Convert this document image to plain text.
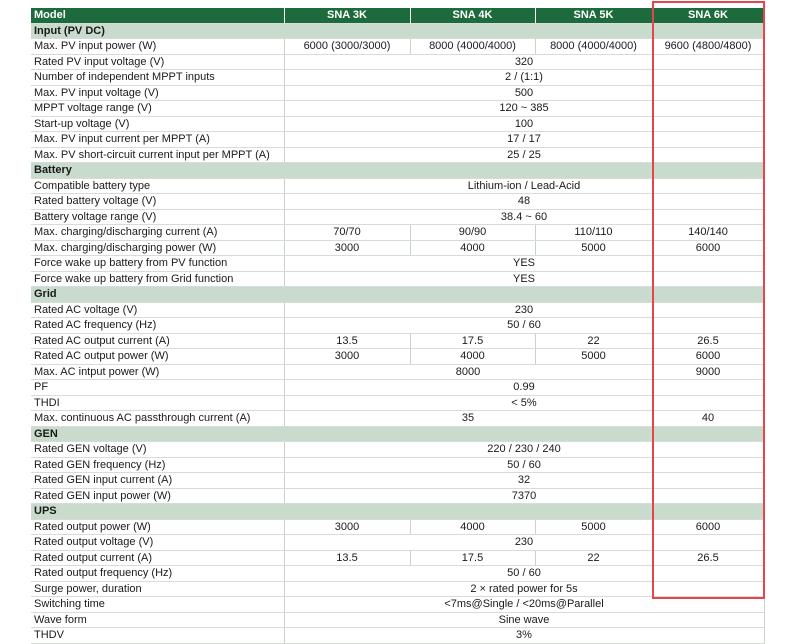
Model	SNA 3K	SNA 4K	SNA 5K	SNA 6K
Input (PV DC)				
Max. PV input power (W)	6000 (3000/3000)	8000 (4000/4000)	8000 (4000/4000)	9600 (4800/4800)
Rated PV input voltage (V)	320			
Number of independent MPPT inputs	2 / (1:1)			
Max. PV input voltage (V)	500			
MPPT voltage range (V)	120 ~ 385			
Start-up voltage (V)	100			
Max. PV input current per MPPT (A)	17 / 17			
Max. PV short-circuit current input per MPPT (A)	25 / 25			
Battery				
Compatible battery type	Lithium-ion / Lead-Acid			
Rated battery voltage (V)	48			
Battery voltage range (V)	38.4 ~ 60			
Max. charging/discharging current (A)	70/70	90/90	110/110	140/140
Max. charging/discharging power (W)	3000	4000	5000	6000
Force wake up battery from PV function	YES			
Force wake up battery from Grid function	YES			
Grid				
Rated AC voltage (V)	230			
Rated AC frequency (Hz)	50 / 60			
Rated AC output current (A)	13.5	17.5	22	26.5
Rated AC output power (W)	3000	4000	5000	6000
Max. AC intput power (W)	8000			9000
PF	0.99			
THDI	< 5%			
Max. continuous AC passthrough current (A)	35			40
GEN				
Rated GEN voltage (V)	220 / 230 / 240			
Rated GEN frequency (Hz)	50 / 60			
Rated GEN input current (A)	32			
Rated GEN input power (W)	7370			
UPS				
Rated output power (W)	3000	4000	5000	6000
Rated output voltage (V)	230			
Rated output current (A)	13.5	17.5	22	26.5
Rated output frequency (Hz)	50 / 60			
Surge power, duration	2 × rated power for 5s			
Switching time	<7ms@Single / <20ms@Parallel			
Wave form	Sine wave			
THDV	3%			
